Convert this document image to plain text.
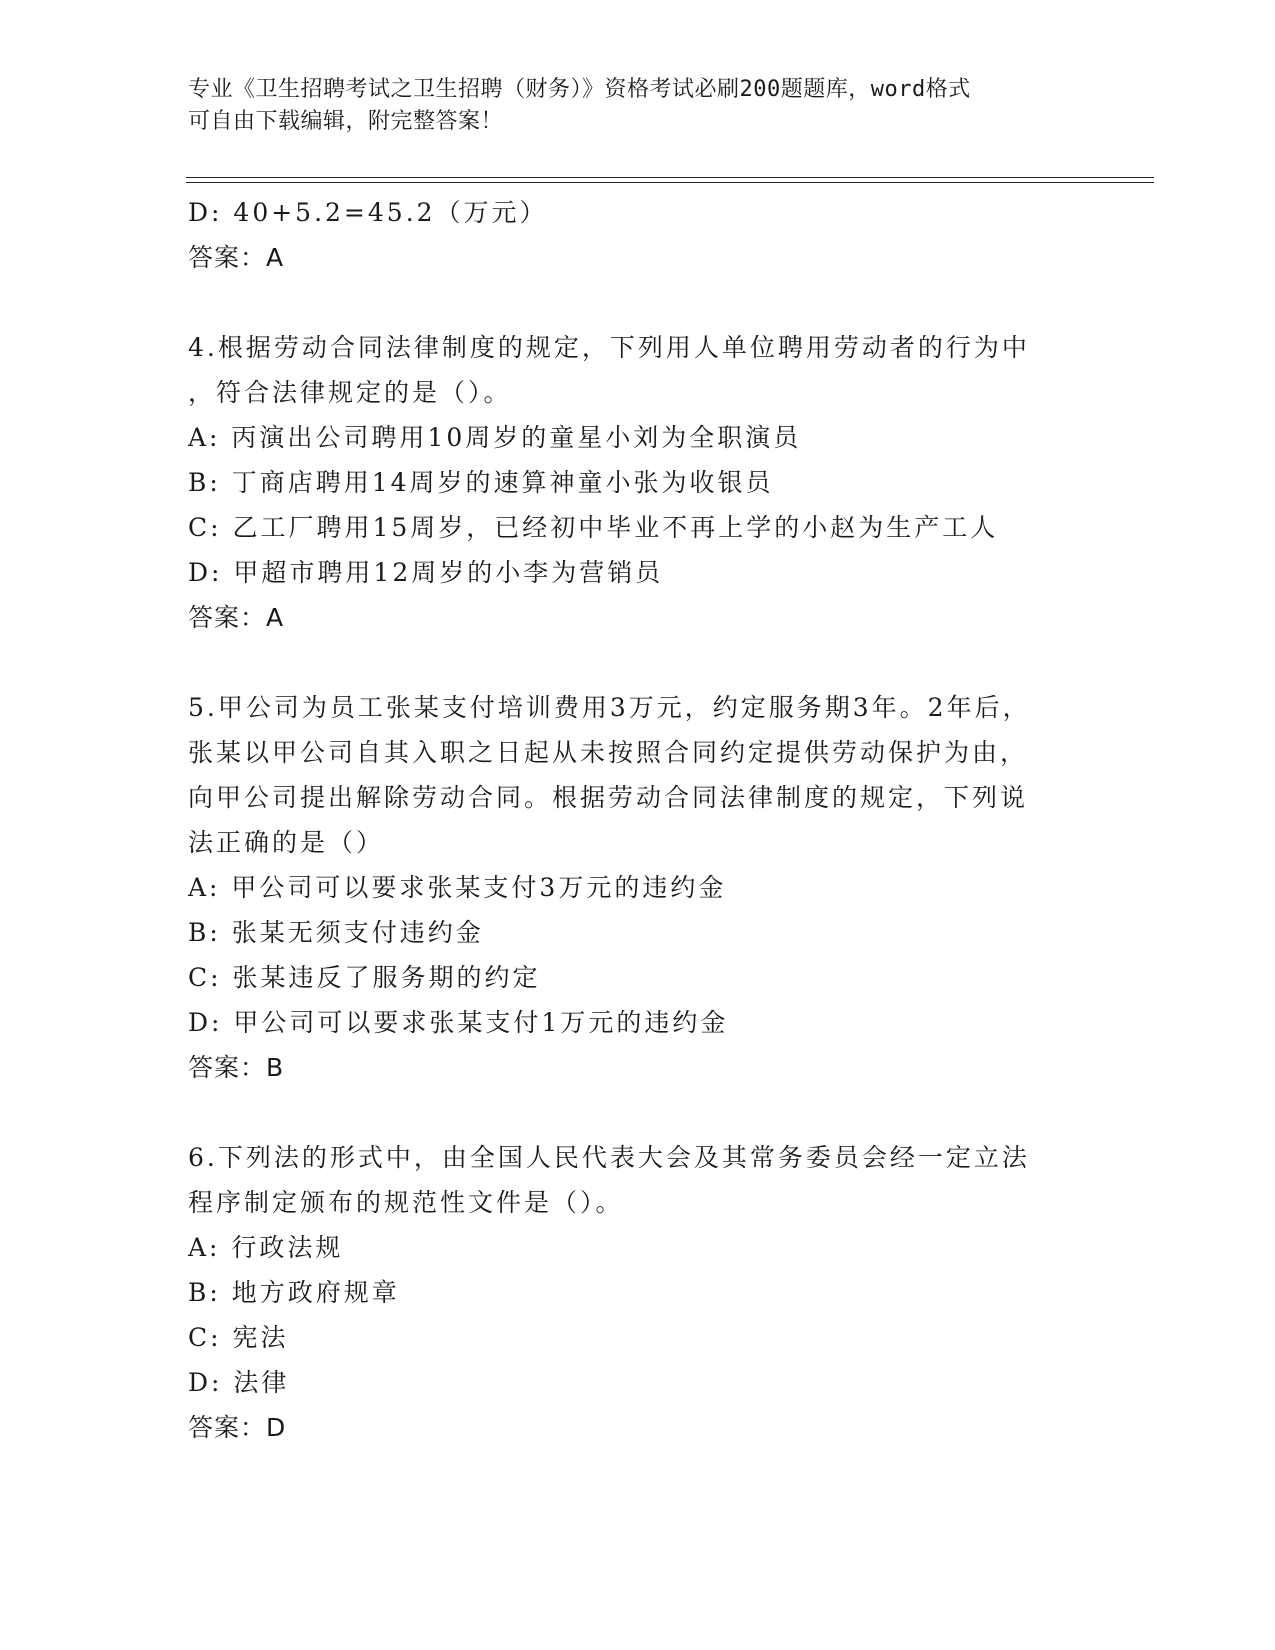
专业《卫生招聘考试之卫生招聘（财务）》资格考试必刷200题题库，word格式
可自由下载编辑，附完整答案！
D: 40+5.2=45.2（万元）
答案：A
4.根据劳动合同法律制度的规定，下列用人单位聘用劳动者的行为中
，符合法律规定的是（）。
A: 丙演出公司聘用10周岁的童星小刘为全职演员
B: 丁商店聘用14周岁的速算神童小张为收银员
C: 乙工厂聘用15周岁，已经初中毕业不再上学的小赵为生产工人
D: 甲超市聘用12周岁的小李为营销员
答案：A
5.甲公司为员工张某支付培训费用3万元，约定服务期3年。2年后，
张某以甲公司自其入职之日起从未按照合同约定提供劳动保护为由，
向甲公司提出解除劳动合同。根据劳动合同法律制度的规定，下列说
法正确的是（）
A: 甲公司可以要求张某支付3万元的违约金
B: 张某无须支付违约金
C: 张某违反了服务期的约定
D: 甲公司可以要求张某支付1万元的违约金
答案：B
6.下列法的形式中，由全国人民代表大会及其常务委员会经一定立法
程序制定颁布的规范性文件是（）。
A: 行政法规
B: 地方政府规章
C: 宪法
D: 法律
答案：D
